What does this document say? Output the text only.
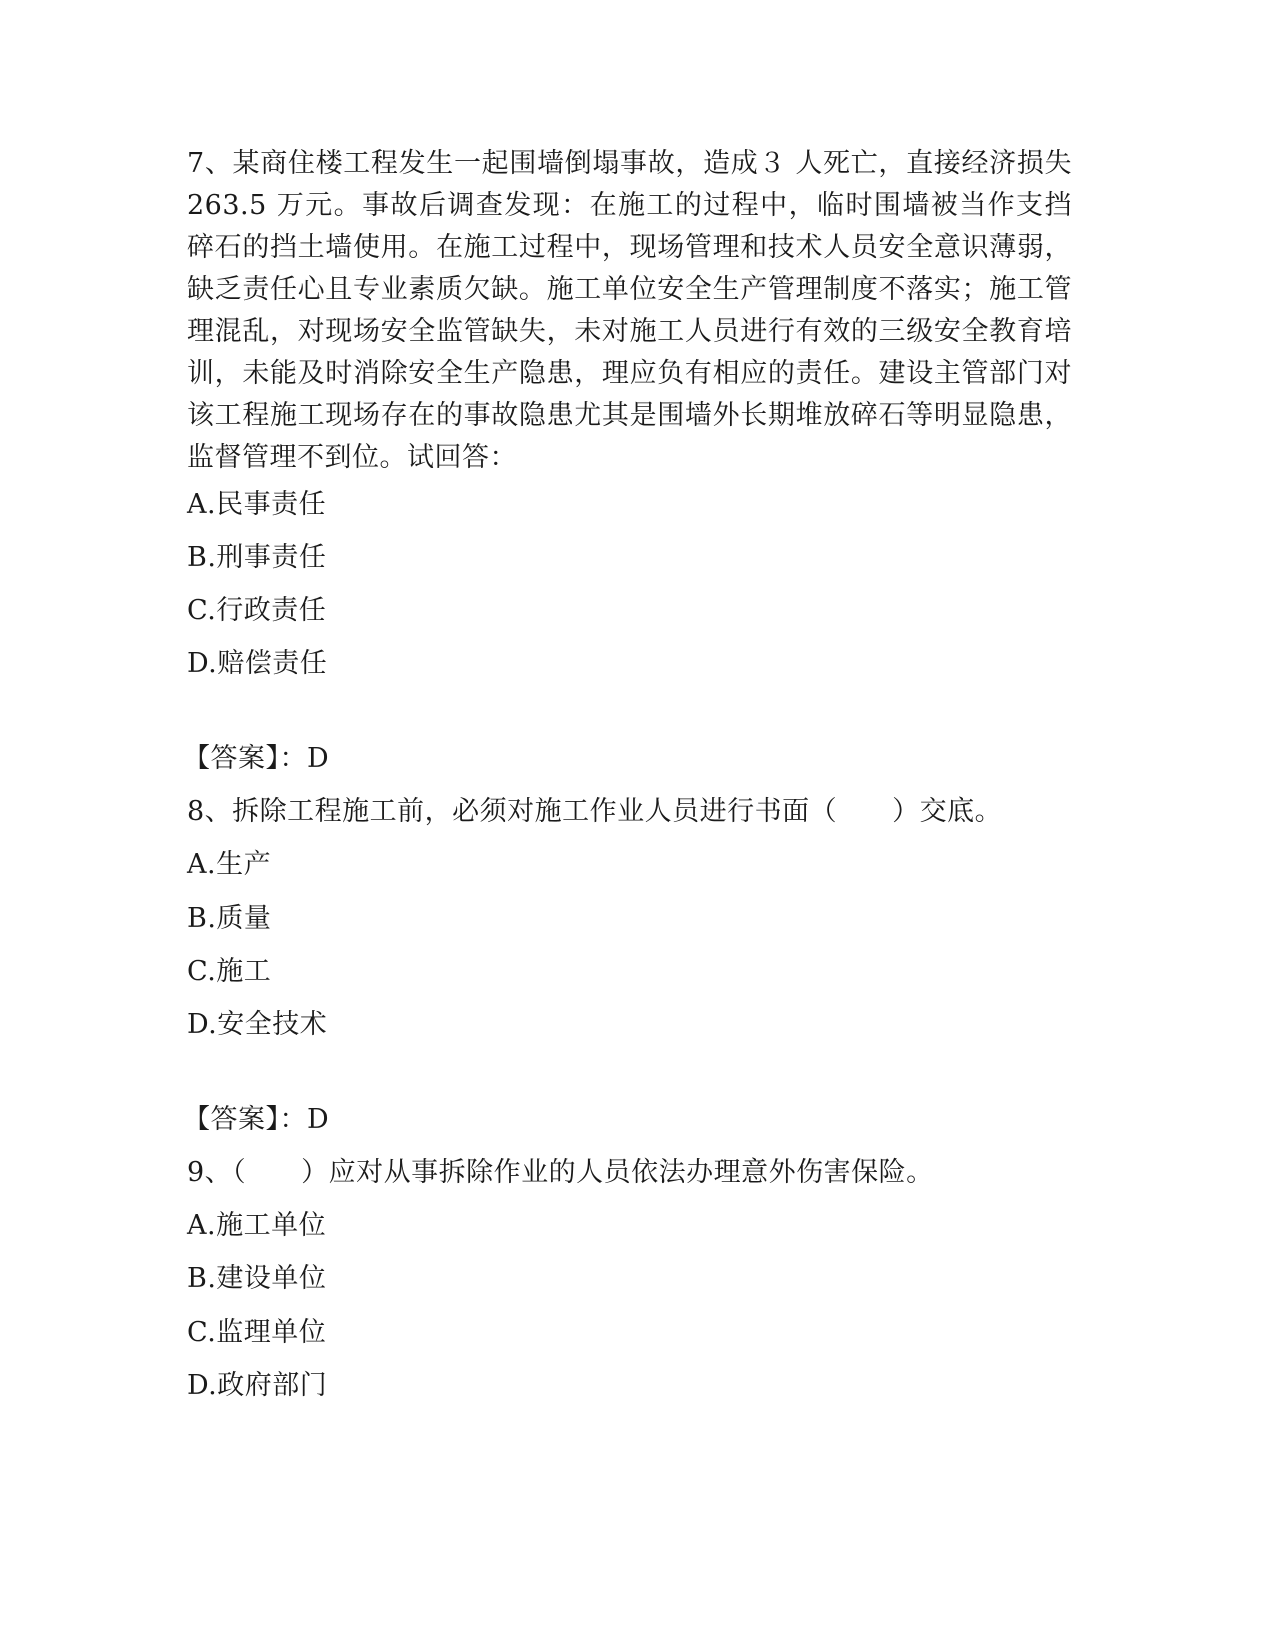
7、某商住楼工程发生一起围墙倒塌事故，造成３ 人死亡，直接经济损失 263.5 万元。事故后调查发现：在施工的过程中，临时围墙被当作支挡碎石的挡土墙使用。在施工过程中，现场管理和技术人员安全意识薄弱，缺乏责任心且专业素质欠缺。施工单位安全生产管理制度不落实；施工管理混乱，对现场安全监管缺失，未对施工人员进行有效的三级安全教育培训，未能及时消除安全生产隐患，理应负有相应的责任。建设主管部门对该工程施工现场存在的事故隐患尤其是围墙外长期堆放碎石等明显隐患，监督管理不到位。试回答：

A.民事责任
B.刑事责任
C.行政责任
D.赔偿责任
【答案】：D
8、拆除工程施工前，必须对施工作业人员进行书面（　　）交底。
A.生产
B.质量
C.施工
D.安全技术
【答案】：D
9、（　　）应对从事拆除作业的人员依法办理意外伤害保险。
A.施工单位
B.建设单位
C.监理单位
D.政府部门
